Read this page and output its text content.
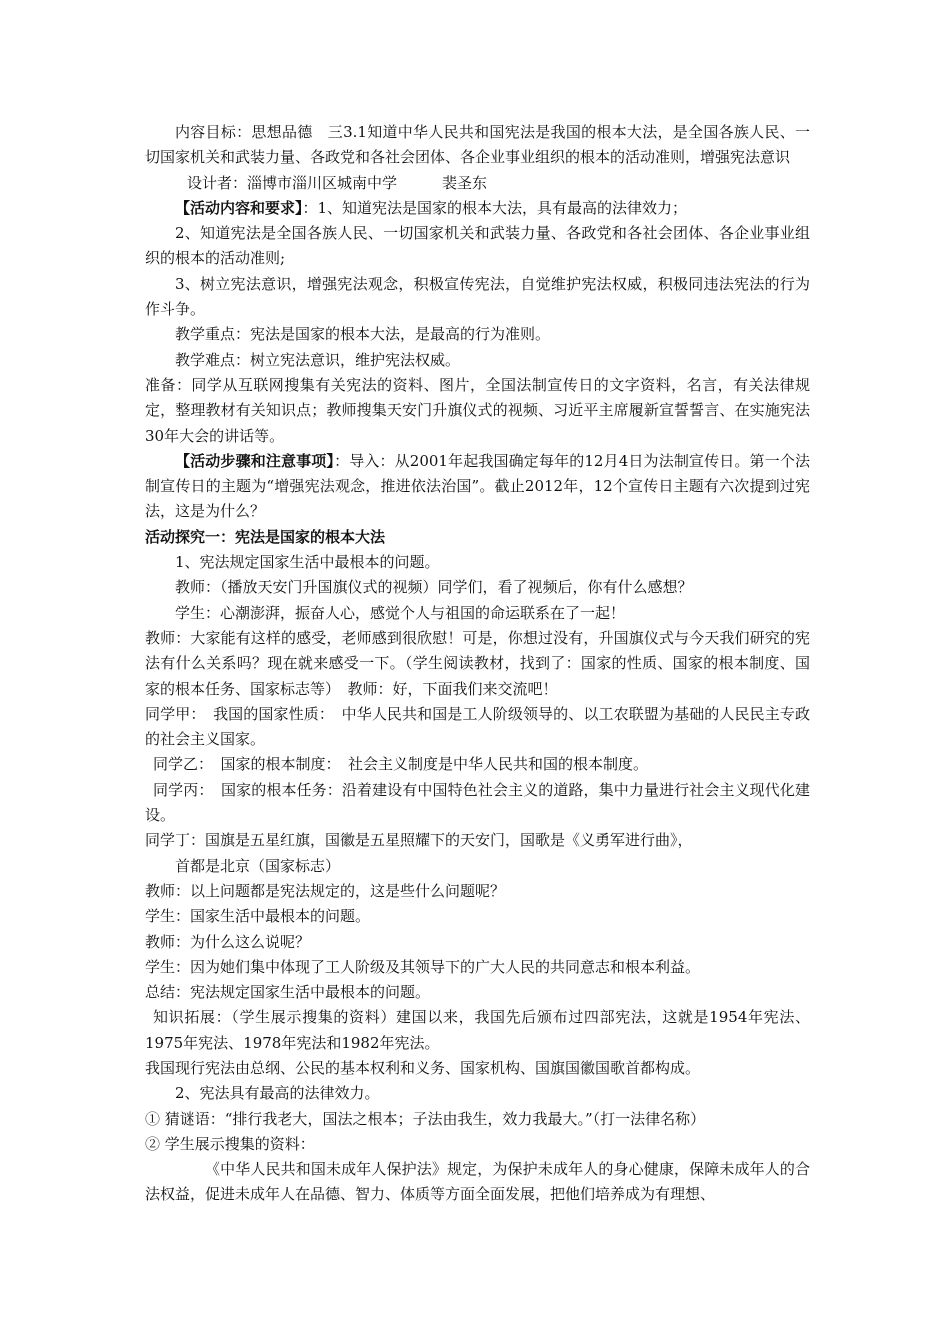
内容目标：思想品德　三3.1知道中华人民共和国宪法是我国的根本大法，是全国各族人民、一切国家机关和武装力量、各政党和各社会团体、各企业事业组织的根本的活动准则，增强宪法意识

设计者：淄博市淄川区城南中学　　　裴圣东

【活动内容和要求】：1、知道宪法是国家的根本大法，具有最高的法律效力；

2、知道宪法是全国各族人民、一切国家机关和武装力量、各政党和各社会团体、各企业事业组织的根本的活动准则;

3、树立宪法意识，增强宪法观念，积极宣传宪法，自觉维护宪法权威，积极同违法宪法的行为作斗争。

教学重点：宪法是国家的根本大法，是最高的行为准则。

教学难点：树立宪法意识，维护宪法权威。

准备：同学从互联网搜集有关宪法的资料、图片，全国法制宣传日的文字资料，名言，有关法律规定，整理教材有关知识点；教师搜集天安门升旗仪式的视频、习近平主席履新宣誓誓言、在实施宪法30年大会的讲话等。

【活动步骤和注意事项】：导入：从2001年起我国确定每年的12月4日为法制宣传日。第一个法制宣传日的主题为“增强宪法观念，推进依法治国”。截止2012年，12个宣传日主题有六次提到过宪法，这是为什么？

活动探究一：宪法是国家的根本大法

1、宪法规定国家生活中最根本的问题。

教师：（播放天安门升国旗仪式的视频）同学们，看了视频后，你有什么感想？

学生：心潮澎湃，振奋人心，感觉个人与祖国的命运联系在了一起！

教师：大家能有这样的感受，老师感到很欣慰！可是，你想过没有，升国旗仪式与今天我们研究的宪法有什么关系吗？现在就来感受一下。（学生阅读教材，找到了：国家的性质、国家的根本制度、国家的根本任务、国家标志等）　教师：好，下面我们来交流吧！

同学甲：　我国的国家性质：　中华人民共和国是工人阶级领导的、以工农联盟为基础的人民民主专政的社会主义国家。

同学乙：　国家的根本制度：　社会主义制度是中华人民共和国的根本制度。

同学丙：　国家的根本任务：沿着建设有中国特色社会主义的道路，集中力量进行社会主义现代化建设。

同学丁：国旗是五星红旗，国徽是五星照耀下的天安门，国歌是《义勇军进行曲》，

首都是北京（国家标志）

教师：以上问题都是宪法规定的，这是些什么问题呢？

学生：国家生活中最根本的问题。

教师：为什么这么说呢？

学生：因为她们集中体现了工人阶级及其领导下的广大人民的共同意志和根本利益。

总结：宪法规定国家生活中最根本的问题。

知识拓展：（学生展示搜集的资料）建国以来，我国先后颁布过四部宪法，这就是1954年宪法、1975年宪法、1978年宪法和1982年宪法。

我国现行宪法由总纲、公民的基本权利和义务、国家机构、国旗国徽国歌首都构成。

2、宪法具有最高的法律效力。

① 猜谜语：“排行我老大，国法之根本；子法由我生，效力我最大。”（打一法律名称）

② 学生展示搜集的资料：

《中华人民共和国未成年人保护法》规定，为保护未成年人的身心健康，保障未成年人的合法权益，促进未成年人在品德、智力、体质等方面全面发展，把他们培养成为有理想、
